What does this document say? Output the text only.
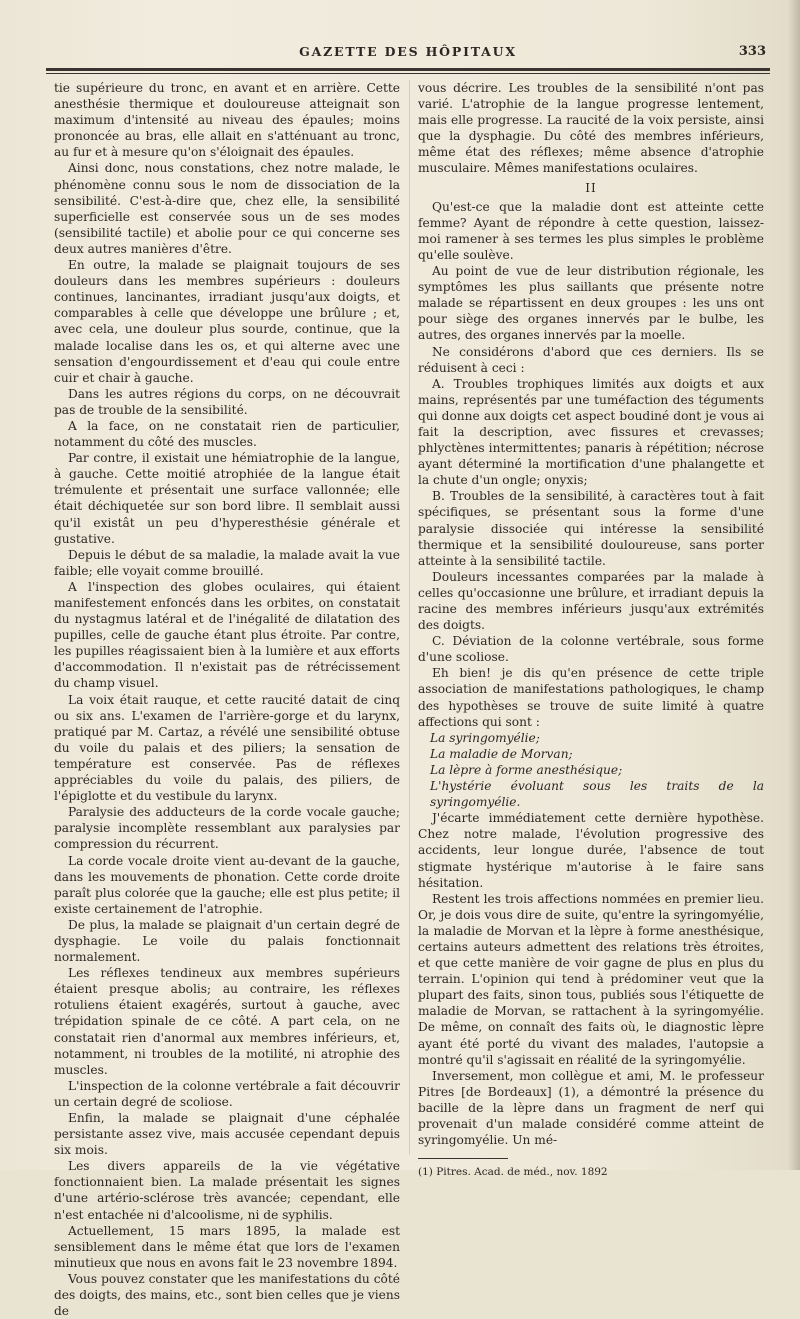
GAZETTE DES HÔPITAUX	333

tie supérieure du tronc, en avant et en arrière. Cette anesthésie thermique et douloureuse atteignait son maximum d'intensité au niveau des épaules; moins prononcée au bras, elle allait en s'atténuant au tronc, au fur et à mesure qu'on s'éloignait des épaules.

Ainsi donc, nous constations, chez notre malade, le phénomène connu sous le nom de dissociation de la sensibilité. C'est-à-dire que, chez elle, la sensibilité superficielle est conservée sous un de ses modes (sensibilité tactile) et abolie pour ce qui concerne ses deux autres manières d'être.

En outre, la malade se plaignait toujours de ses douleurs dans les membres supérieurs : douleurs continues, lancinantes, irradiant jusqu'aux doigts, et comparables à celle que développe une brûlure ; et, avec cela, une douleur plus sourde, continue, que la malade localise dans les os, et qui alterne avec une sensation d'engourdissement et d'eau qui coule entre cuir et chair à gauche.

Dans les autres régions du corps, on ne découvrait pas de trouble de la sensibilité.

A la face, on ne constatait rien de particulier, notamment du côté des muscles.

Par contre, il existait une hémiatrophie de la langue, à gauche. Cette moitié atrophiée de la langue était trémulente et présentait une surface vallonnée; elle était déchiquetée sur son bord libre. Il semblait aussi qu'il existât un peu d'hyperesthésie générale et gustative.

Depuis le début de sa maladie, la malade avait la vue faible; elle voyait comme brouillé.

A l'inspection des globes oculaires, qui étaient manifestement enfoncés dans les orbites, on constatait du nystagmus latéral et de l'inégalité de dilatation des pupilles, celle de gauche étant plus étroite. Par contre, les pupilles réagissaient bien à la lumière et aux efforts d'accommodation. Il n'existait pas de rétrécissement du champ visuel.

La voix était rauque, et cette raucité datait de cinq ou six ans. L'examen de l'arrière-gorge et du larynx, pratiqué par M. Cartaz, a révélé une sensibilité obtuse du voile du palais et des piliers; la sensation de température est conservée. Pas de réflexes appréciables du voile du palais, des piliers, de l'épiglotte et du vestibule du larynx.

Paralysie des adducteurs de la corde vocale gauche; paralysie incomplète ressemblant aux paralysies par compression du récurrent.

La corde vocale droite vient au-devant de la gauche, dans les mouvements de phonation. Cette corde droite paraît plus colorée que la gauche; elle est plus petite; il existe certainement de l'atrophie.

De plus, la malade se plaignait d'un certain degré de dysphagie. Le voile du palais fonctionnait normalement.

Les réflexes tendineux aux membres supérieurs étaient presque abolis; au contraire, les réflexes rotuliens étaient exagérés, surtout à gauche, avec trépidation spinale de ce côté. A part cela, on ne constatait rien d'anormal aux membres inférieurs, et, notamment, ni troubles de la motilité, ni atrophie des muscles.

L'inspection de la colonne vertébrale a fait découvrir un certain degré de scoliose.

Enfin, la malade se plaignait d'une céphalée persistante assez vive, mais accusée cependant depuis six mois.

Les divers appareils de la vie végétative fonctionnaient bien. La malade présentait les signes d'une artério-sclérose très avancée; cependant, elle n'est entachée ni d'alcoolisme, ni de syphilis.

Actuellement, 15 mars 1895, la malade est sensiblement dans le même état que lors de l'examen minutieux que nous en avons fait le 23 novembre 1894.

Vous pouvez constater que les manifestations du côté des doigts, des mains, etc., sont bien celles que je viens de

vous décrire. Les troubles de la sensibilité n'ont pas varié. L'atrophie de la langue progresse lentement, mais elle progresse. La raucité de la voix persiste, ainsi que la dysphagie. Du côté des membres inférieurs, même état des réflexes; même absence d'atrophie musculaire. Mêmes manifestations oculaires.

II

Qu'est-ce que la maladie dont est atteinte cette femme? Ayant de répondre à cette question, laissez-moi ramener à ses termes les plus simples le problème qu'elle soulève.

Au point de vue de leur distribution régionale, les symptômes les plus saillants que présente notre malade se répartissent en deux groupes : les uns ont pour siège des organes innervés par le bulbe, les autres, des organes innervés par la moelle.

Ne considérons d'abord que ces derniers. Ils se réduisent à ceci :

A. Troubles trophiques limités aux doigts et aux mains, représentés par une tuméfaction des téguments qui donne aux doigts cet aspect boudiné dont je vous ai fait la description, avec fissures et crevasses; phlyctènes intermittentes; panaris à répétition; nécrose ayant déterminé la mortification d'une phalangette et la chute d'un ongle; onyxis;

B. Troubles de la sensibilité, à caractères tout à fait spécifiques, se présentant sous la forme d'une paralysie dissociée qui intéresse la sensibilité thermique et la sensibilité douloureuse, sans porter atteinte à la sensibilité tactile.

Douleurs incessantes comparées par la malade à celles qu'occasionne une brûlure, et irradiant depuis la racine des membres inférieurs jusqu'aux extrémités des doigts.

C. Déviation de la colonne vertébrale, sous forme d'une scoliose.

Eh bien! je dis qu'en présence de cette triple association de manifestations pathologiques, le champ des hypothèses se trouve de suite limité à quatre affections qui sont :

La syringomyélie;

La maladie de Morvan;

La lèpre à forme anesthésique;

L'hystérie évoluant sous les traits de la syringomyélie.

J'écarte immédiatement cette dernière hypothèse. Chez notre malade, l'évolution progressive des accidents, leur longue durée, l'absence de tout stigmate hystérique m'autorise à le faire sans hésitation.

Restent les trois affections nommées en premier lieu. Or, je dois vous dire de suite, qu'entre la syringomyélie, la maladie de Morvan et la lèpre à forme anesthésique, certains auteurs admettent des relations très étroites, et que cette manière de voir gagne de plus en plus du terrain. L'opinion qui tend à prédominer veut que la plupart des faits, sinon tous, publiés sous l'étiquette de maladie de Morvan, se rattachent à la syringomyélie. De même, on connaît des faits où, le diagnostic lèpre ayant été porté du vivant des malades, l'autopsie a montré qu'il s'agissait en réalité de la syringomyélie.

Inversement, mon collègue et ami, M. le professeur Pitres [de Bordeaux] (1), a démontré la présence du bacille de la lèpre dans un fragment de nerf qui provenait d'un malade considéré comme atteint de syringomyélie. Un mé-

(1) Pitres. Acad. de méd., nov. 1892
